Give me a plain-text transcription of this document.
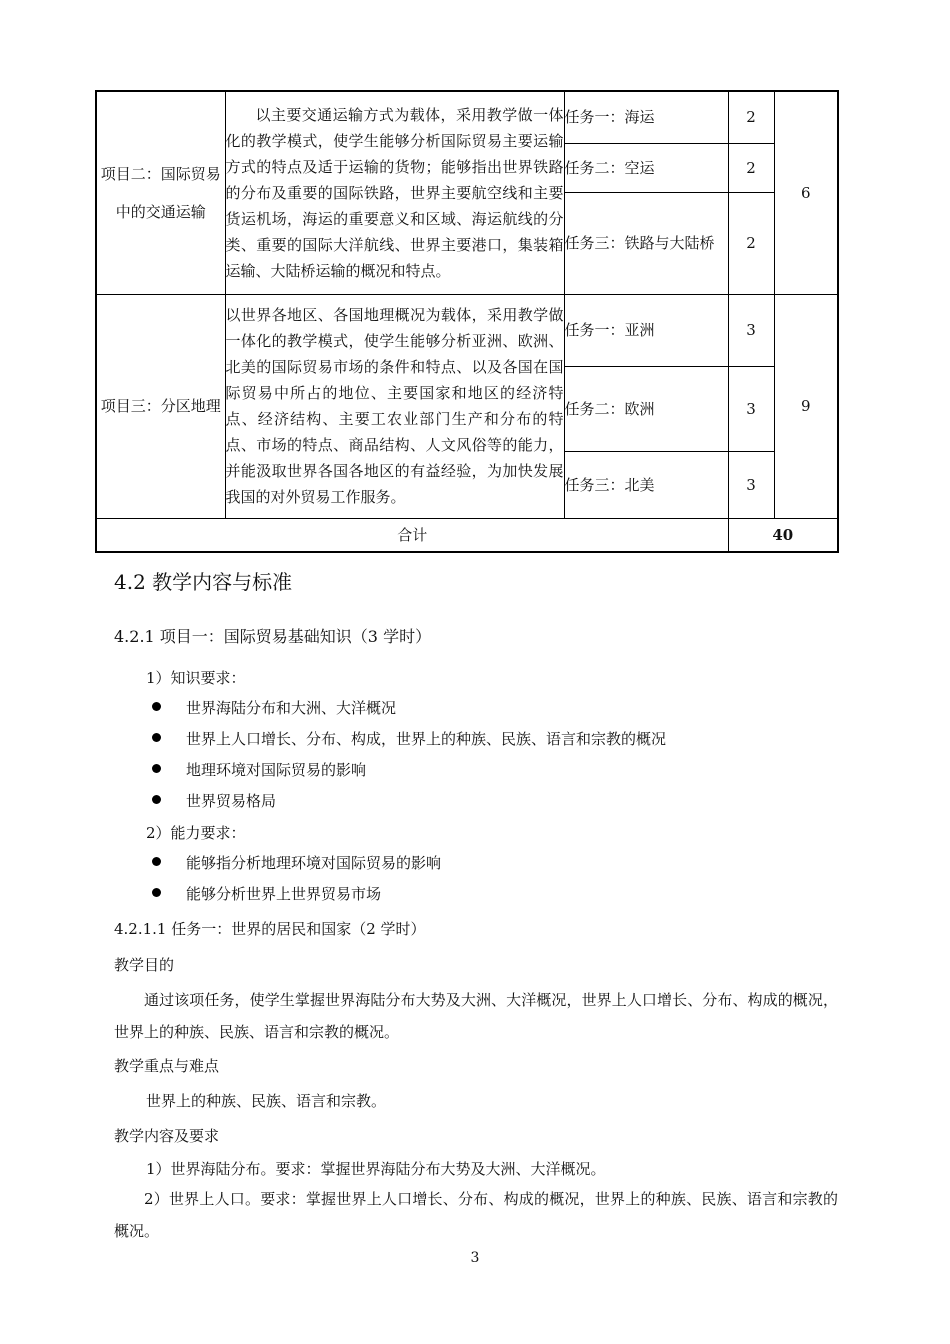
项目二：国际贸易中的交通运输	以主要交通运输方式为载体，采用教学做一体化的教学模式，使学生能够分析国际贸易主要运输方式的特点及适于运输的货物；能够指出世界铁路的分布及重要的国际铁路，世界主要航空线和主要货运机场，海运的重要意义和区域、海运航线的分类、重要的国际大洋航线、世界主要港口，集装箱运输、大陆桥运输的概况和特点。	任务一：海运	2	6
		任务二：空运	2	
		任务三：铁路与大陆桥	2	
项目三：分区地理	以世界各地区、各国地理概况为载体，采用教学做一体化的教学模式，使学生能够分析亚洲、欧洲、北美的国际贸易市场的条件和特点、以及各国在国际贸易中所占的地位、主要国家和地区的经济特点、经济结构、主要工农业部门生产和分布的特点、市场的特点、商品结构、人文风俗等的能力，并能汲取世界各国各地区的有益经验，为加快发展我国的对外贸易工作服务。	任务一：亚洲	3	9
		任务二：欧洲	3	
		任务三：北美	3	
合计			40	
4.2 教学内容与标准
4.2.1 项目一：国际贸易基础知识（3 学时）
1）知识要求：
世界海陆分布和大洲、大洋概况
世界上人口增长、分布、构成，世界上的种族、民族、语言和宗教的概况
地理环境对国际贸易的影响
世界贸易格局
2）能力要求：
能够指分析地理环境对国际贸易的影响
能够分析世界上世界贸易市场
4.2.1.1 任务一：世界的居民和国家（2 学时）
教学目的
通过该项任务，使学生掌握世界海陆分布大势及大洲、大洋概况，世界上人口增长、分布、构成的概况，世界上的种族、民族、语言和宗教的概况。
教学重点与难点
世界上的种族、民族、语言和宗教。
教学内容及要求
1）世界海陆分布。要求：掌握世界海陆分布大势及大洲、大洋概况。
2）世界上人口。要求：掌握世界上人口增长、分布、构成的概况，世界上的种族、民族、语言和宗教的概况。
3
